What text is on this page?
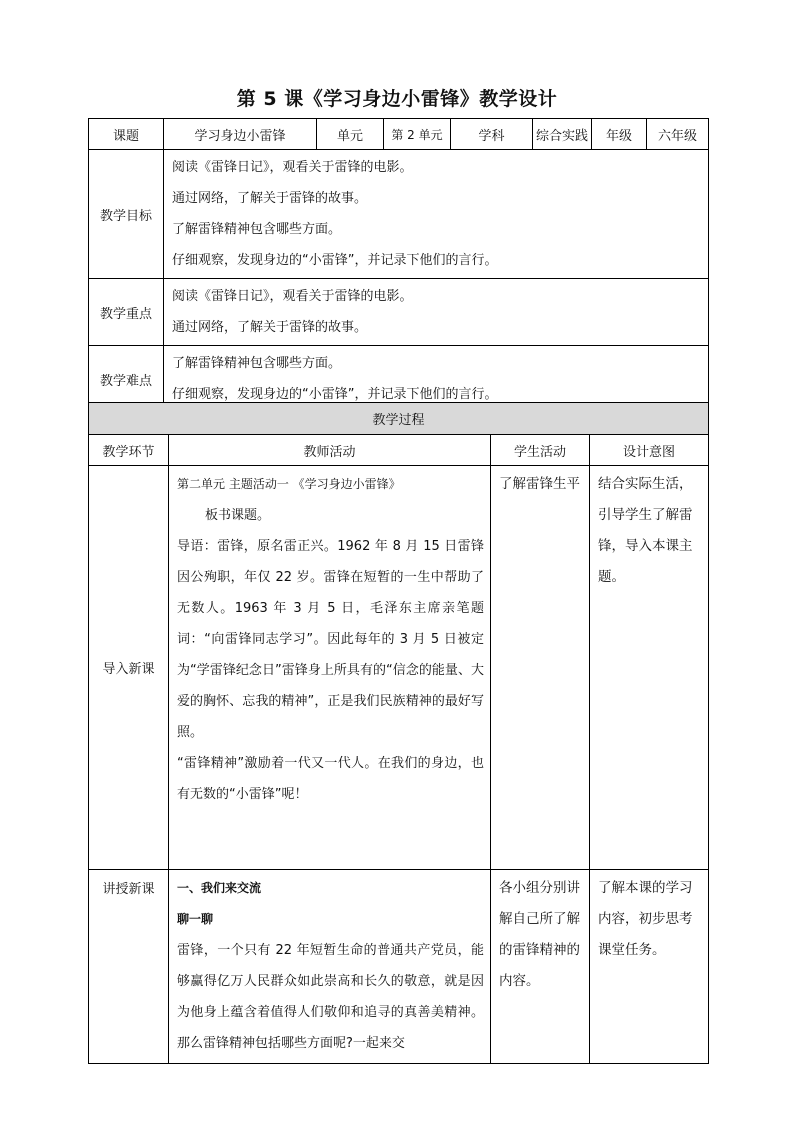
第 5 课《学习身边小雷锋》教学设计
课题	学习身边小雷锋	单元	第 2 单元	学科	综合实践	年级	六年级
教学目标	阅读《雷锋日记》，观看关于雷锋的电影。
通过网络，了解关于雷锋的故事。
了解雷锋精神包含哪些方面。
仔细观察，发现身边的“小雷锋”，并记录下他们的言行。						

教学重点	阅读《雷锋日记》，观看关于雷锋的电影。
通过网络，了解关于雷锋的故事。						

教学难点	了解雷锋精神包含哪些方面。
仔细观察，发现身边的“小雷锋”，并记录下他们的言行。						
教学过程			
教学环节	教师活动	学生活动	设计意图
导入新课	第二单元 主题活动一 《学习身边小雷锋》
板书课题。
导语：雷锋，原名雷正兴。1962 年 8 月 15 日雷锋因公殉职，年仅 22 岁。雷锋在短暂的一生中帮助了无数人。1963 年 3 月 5 日，毛泽东主席亲笔题词：“向雷锋同志学习”。因此每年的 3 月 5 日被定为“学雷锋纪念日”雷锋身上所具有的“信念的能量、大爱的胸怀、忘我的精神”，正是我们民族精神的最好写照。
“雷锋精神”激励着一代又一代人。在我们的身边，也有无数的“小雷锋”呢！	了解雷锋生平	结合实际生活，引导学生了解雷锋，导入本课主题。
讲授新课	一、我们来交流
聊一聊
雷锋，一个只有 22 年短暂生命的普通共产党员，能够赢得亿万人民群众如此崇高和长久的敬意，就是因为他身上蕴含着值得人们敬仰和追寻的真善美精神。那么雷锋精神包括哪些方面呢?一起来交	各小组分别讲解自己所了解的雷锋精神的内容。	了解本课的学习内容，初步思考课堂任务。
